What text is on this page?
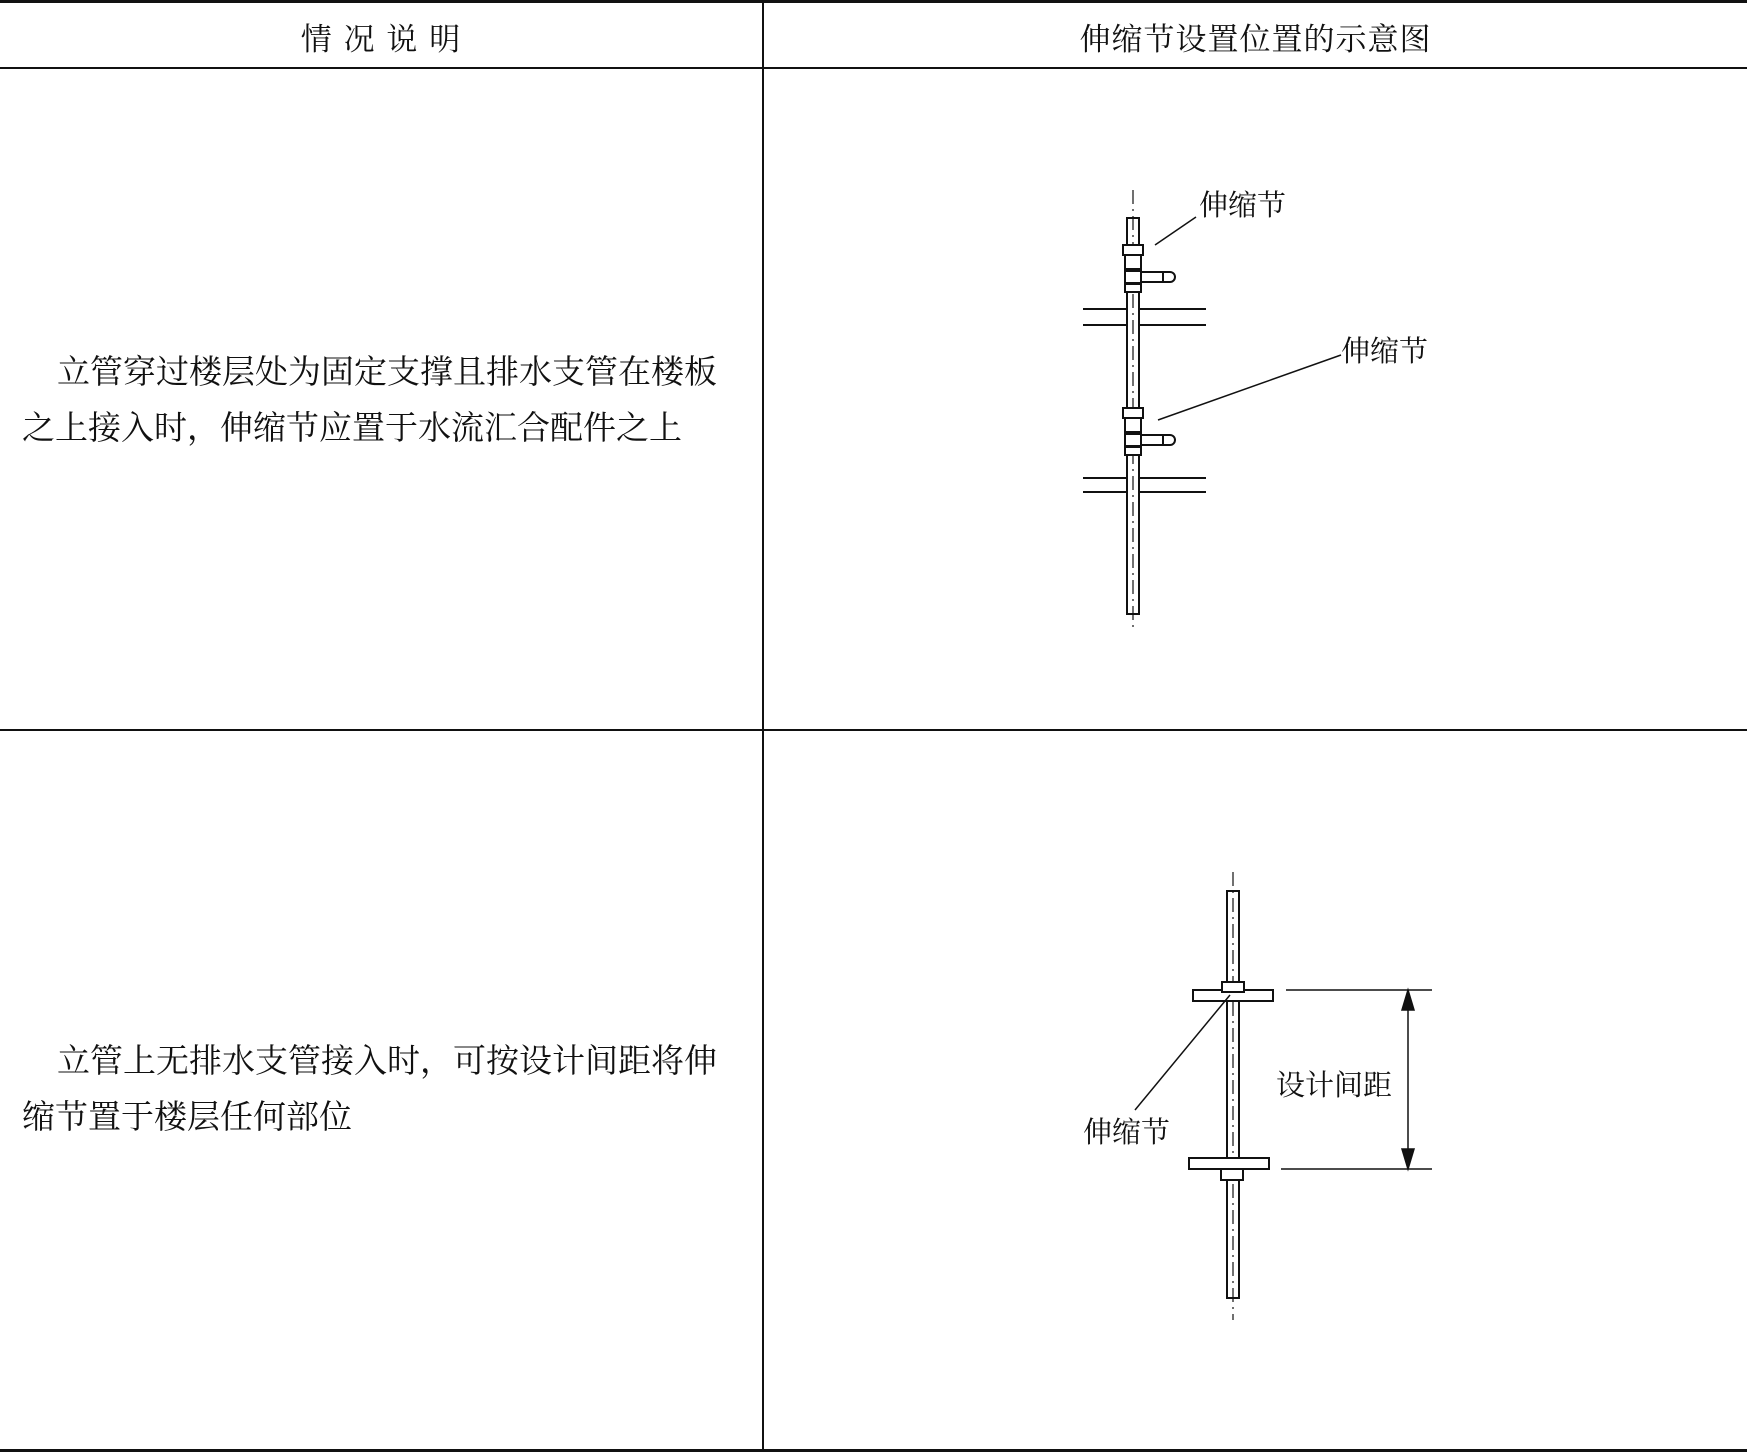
情 况 说 明	伸缩节设置位置的示意图
立管穿过楼层处为固定支撑且排水支管在楼板
之上接入时，伸缩节应置于水流汇合配件之上
立管上无排水支管接入时，可按设计间距将伸
缩节置于楼层任何部位
伸缩节
伸缩节
伸缩节
设计间距
